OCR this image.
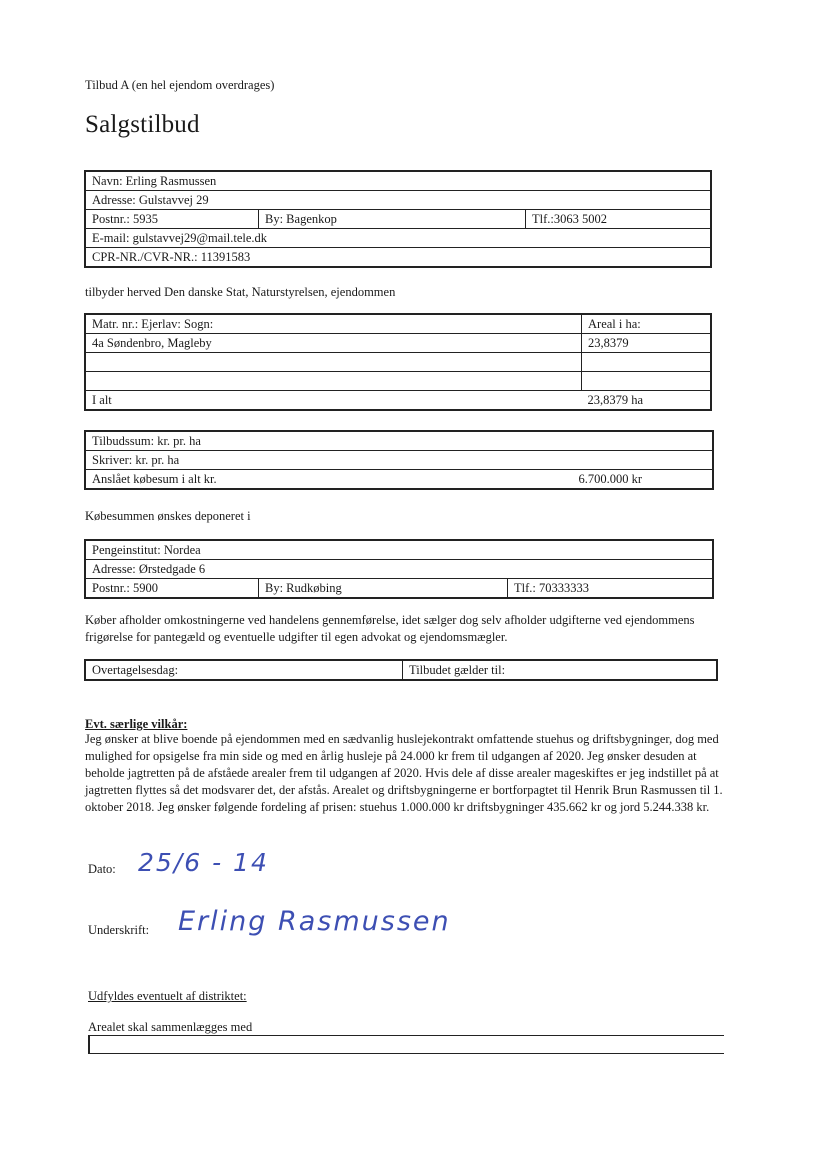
Tilbud A (en hel ejendom overdrages)
Salgstilbud
Navn: Erling Rasmussen
Adresse: Gulstavvej 29
Postnr.: 5935	By: Bagenkop	Tlf.:3063 5002
E-mail: gulstavvej29@mail.tele.dk
CPR-NR./CVR-NR.: 11391583
tilbyder herved Den danske Stat, Naturstyrelsen, ejendommen
Matr. nr.: Ejerlav: Sogn:	Areal i ha:
4a Søndenbro, Magleby	23,8379

I alt	23,8379 ha
Tilbudssum: kr. pr. ha
Skriver: kr. pr. ha
Anslået købesum i alt kr.	6.700.000 kr
Købesummen ønskes deponeret i
Pengeinstitut: Nordea
Adresse: Ørstedgade 6
Postnr.: 5900	By: Rudkøbing	Tlf.: 70333333
Køber afholder omkostningerne ved handelens gennemførelse, idet sælger dog selv afholder udgifterne ved ejendommens frigørelse for pantegæld og eventuelle udgifter til egen advokat og ejendomsmægler.
Overtagelsesdag:	Tilbudet gælder til:
Evt. særlige vilkår:
Jeg ønsker at blive boende på ejendommen med en sædvanlig huslejekontrakt omfattende stuehus og driftsbygninger, dog med mulighed for opsigelse fra min side og med en årlig husleje på 24.000 kr frem til udgangen af 2020. Jeg ønsker desuden at beholde jagtretten på de afståede arealer frem til udgangen af 2020. Hvis dele af disse arealer mageskiftes er jeg indstillet på at jagtretten flyttes så det modsvarer det, der afstås. Arealet og driftsbygningerne er bortforpagtet til Henrik Brun Rasmussen til 1. oktober 2018. Jeg ønsker følgende fordeling af prisen: stuehus 1.000.000 kr driftsbygninger 435.662 kr og jord 5.244.338 kr.
Dato: 25/6 - 14
Underskrift: Erling Rasmussen
Udfyldes eventuelt af distriktet:
Arealet skal sammenlægges med
